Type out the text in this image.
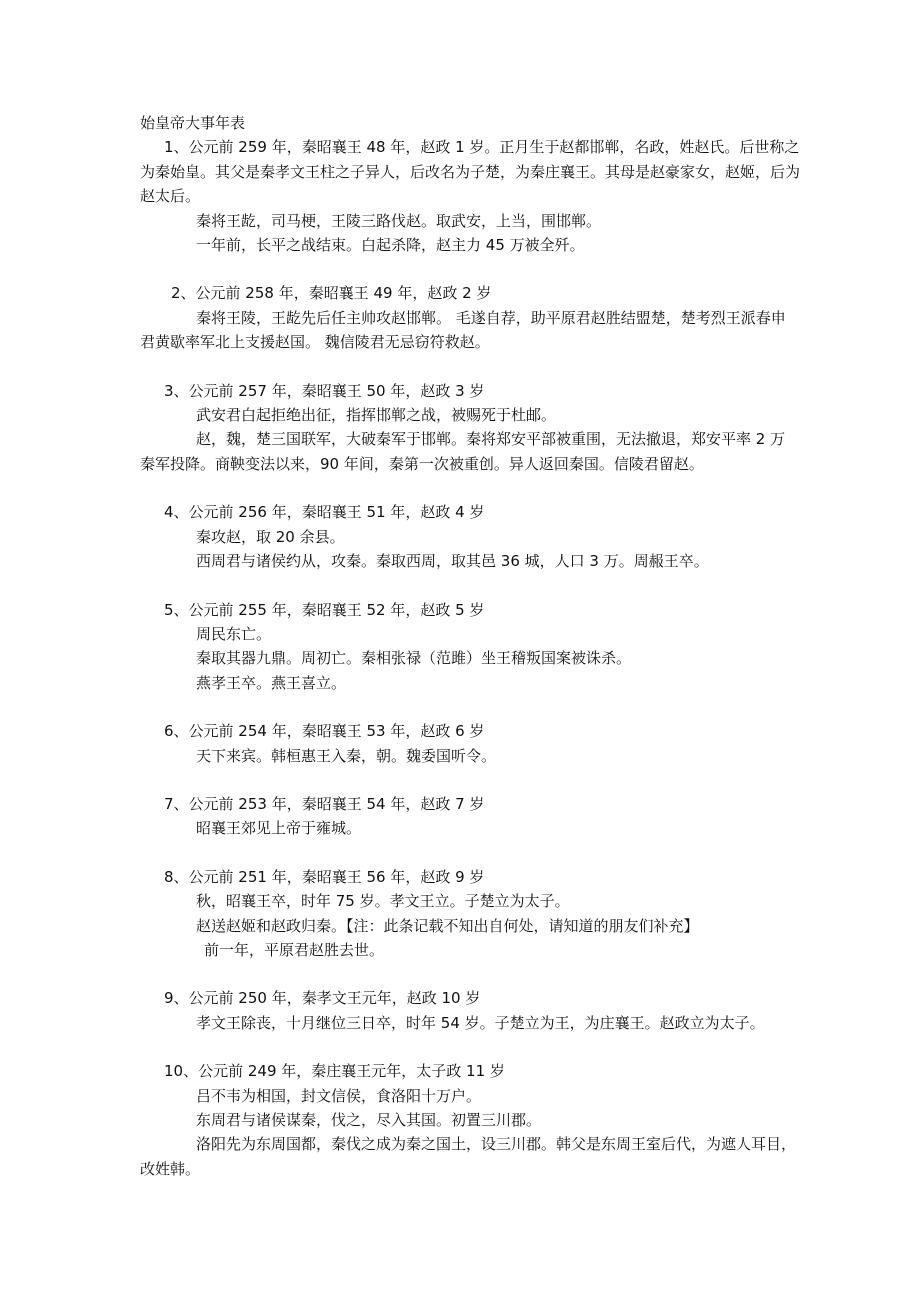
始皇帝大事年表

1、公元前 259 年，秦昭襄王 48 年，赵政 1 岁。正月生于赵都邯郸，名政，姓赵氏。后世称之为秦始皇。其父是秦孝文王柱之子异人，后改名为子楚，为秦庄襄王。其母是赵豪家女，赵姬，后为赵太后。

秦将王龁，司马梗，王陵三路伐赵。取武安，上当，围邯郸。

一年前，长平之战结束。白起杀降，赵主力 45 万被全歼。

2、公元前 258 年，秦昭襄王 49 年，赵政 2 岁

秦将王陵，王龁先后任主帅攻赵邯郸。 毛遂自荐，助平原君赵胜结盟楚，楚考烈王派春申君黄歇率军北上支援赵国。 魏信陵君无忌窃符救赵。

3、公元前 257 年，秦昭襄王 50 年，赵政 3 岁

武安君白起拒绝出征，指挥邯郸之战，被赐死于杜邮。

赵，魏，楚三国联军，大破秦军于邯郸。秦将郑安平部被重围，无法撤退，郑安平率 2 万秦军投降。商鞅变法以来，90 年间，秦第一次被重创。异人返回秦国。信陵君留赵。

4、公元前 256 年，秦昭襄王 51 年，赵政 4 岁

秦攻赵，取 20 余县。

西周君与诸侯约从，攻秦。秦取西周，取其邑 36 城，人口 3 万。周赧王卒。

5、公元前 255 年，秦昭襄王 52 年，赵政 5 岁

周民东亡。

秦取其器九鼎。周初亡。秦相张禄（范雎）坐王稽叛国案被诛杀。

燕孝王卒。燕王喜立。

6、公元前 254 年，秦昭襄王 53 年，赵政 6 岁

天下来宾。韩桓惠王入秦，朝。魏委国听令。

7、公元前 253 年，秦昭襄王 54 年，赵政 7 岁

昭襄王郊见上帝于雍城。

8、公元前 251 年，秦昭襄王 56 年，赵政 9 岁

秋，昭襄王卒，时年 75 岁。孝文王立。子楚立为太子。

赵送赵姬和赵政归秦。【注：此条记载不知出自何处，请知道的朋友们补充】

前一年，平原君赵胜去世。

9、公元前 250 年，秦孝文王元年，赵政 10 岁

孝文王除丧，十月继位三日卒，时年 54 岁。子楚立为王，为庄襄王。赵政立为太子。

10、公元前 249 年，秦庄襄王元年，太子政 11 岁

吕不韦为相国，封文信侯，食洛阳十万户。

东周君与诸侯谋秦，伐之，尽入其国。初置三川郡。

洛阳先为东周国都，秦伐之成为秦之国土，设三川郡。韩父是东周王室后代，为遮人耳目，改姓韩。
